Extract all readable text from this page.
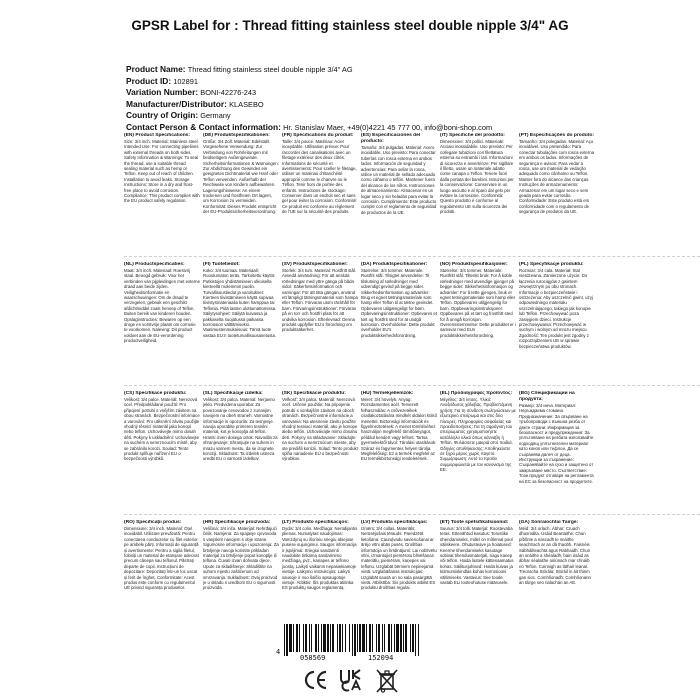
GPSR Label for : Thread fitting stainless steel double nipple 3/4" AG
Product Name: Thread fitting stainless steel double nipple 3/4" AG
Product ID: 102891
Variation Number: BONI-42276-243
Manufacturer/Distributor: KLASEBO
Country of Origin: Germany
Contact Person & Contact information: Hr. Stanislav Maer, +49(0)4221 45 777 00, info@boni-shop.com
(EN) Product Specifications:
Size: 3/4 inch. Material: Stainless steel. Intended Use: For connecting pipelines with external threads on both sides. Safety Information & Warnings: To seal the thread, use a suitable thread sealing material such as hemp or Teflon. Keep out of reach of children. Installation to avoid leaks. Storage Instructions: Store in a dry and frost-free place to avoid corrosion. Compliance: This product complies with the EU product safety regulation.
(DE) Produktspezifikationen:
Größe: 3/4 Zoll. Material: Edelstahl. Vorgesehene Verwendung: Zur Verbindung von Rohrleitungen mit beidseitigem Außengewinde. Sicherheitsinformationen & Warnungen: Zur Abdichtung des Gewindes ein geeignetes Dichtmaterial wie Hanf oder Teflon verwenden. Außerhalb der Reichweite von Kindern aufbewahren. Lagerungshinweise: An einem trockenen und frostfreien Ort lagern, um Korrosion zu vermeiden. Konformität: Dieses Produkt entspricht der EU-Produktsicherheitsverordnung.
(FR) Spécifications du produit:
Taille: 3/4 pouce. Matériau: Acier inoxydable. Utilisation prévue: Pour raccorder des canalisations avec un filetage extérieur des deux côtés. Informations de sécurité et avertissements: Pour sceller le filetage, utiliser un matériau d'étanchéité approprié comme le chanvre ou le Téflon. Tenir hors de portée des enfants. Instructions de stockage: Conserver dans un endroit sec et sans gel pour éviter la corrosion. Conformité: Ce produit est conforme au règlement de l'UE sur la sécurité des produits.
(ES) Especificaciones del producto:
Tamaño: 3/4 pulgadas. Material: Acero inoxidable. Uso previsto: Para conectar tuberías con rosca externa en ambos lados. Información de seguridad y advertencias: Para sellar la rosca, utilice un material de sellado adecuado como cáñamo o teflón. Mantener fuera del alcance de los niños. Instrucciones de almacenamiento: Almacenar en un lugar seco y sin heladas para evitar la corrosión. Cumplimiento: Este producto cumple con el reglamento de seguridad de productos de la UE.
(IT) Specifiche del prodotto:
Dimensione: 3/4 pollici. Materiale: Acciaio inossidabile. Uso previsto: Per collegare tubazioni con filettatura esterna su entrambi i lati. Informazioni di sicurezza e avvertenze: Per sigillare il filetto, usare un materiale adatto come canapa o Teflon. Tenere fuori dalla portata dei bambini. Istruzioni per la conservazione: Conservare in un luogo asciutto e al riparo dal gelo per evitare la corrosione. Conformità: Questo prodotto è conforme al regolamento UE sulla sicurezza dei prodotti.
(PT) Especificações do produto:
Tamanho: 3/4 polegadas. Material: Aço inoxidável. Uso pretendido: Para conectar tubulações com rosca externa em ambos os lados. Informações de segurança e avisos: Para vedar a rosca, use um material de vedação adequado como cânhamo ou Teflon. Manter fora do alcance das crianças. Instruções de armazenamento: Armazenar em um lugar seco e sem geada para evitar corrosão. Conformidade: Este produto está em conformidade com o regulamento de segurança de produtos da UE.
(NL) Productspecificaties:
Maat: 3/4 inch. Materiaal: Roestvrij staal. Beoogd gebruik: Voor het verbinden van pijpleidingen met externe draad aan beide zijden. Veiligheidsinformatie en waarschuwingen: Om de draad te verzegelen, gebruik een geschikt afdichtmiddel zoals hennep of Teflon. Buiten bereik van kinderen houden. Opslaginstructies: Bewaren op een droge en vorstvrije plaats om corrosie te voorkomen. Naleving: Dit product voldoet aan de EU-verordening productveiligheid.
(FI) Tuotetiedot:
Koko: 3/4 tuumaa. Materiaali: Ruostumaton teräs. Tarkoitettu käyttö: Putkistojen yhdistämiseen ulkoisella kierteellä molemmin puolin. Turvallisuustiedot ja varoitukset: Kierteen tiivistämiseen käytä sopivaa tiivistysmateriaalia kuten hamppua tai Teflonia. Pidä lasten ulottumattomissa. Säilytysohjeet: Säilytä kuivassa ja pakkaselta suojatussa paikassa korroosion välttämiseksi. Vaatimustenmukaisuus: Tämä tuote vastaa EU:n tuoteturvallisuusasetusta.
(SV) Produktspecifikationer:
Storlek: 3/4 tum. Material: Rostfritt stål. Avsedd användning: För att ansluta rörledningar med yttre gänga på båda sidor. Säkerhetsinformation och varningar: För att täta gängan, använd ett lämpligt tätningsmaterial som hampa eller Teflon. Förvaras utom räckhåll för barn. Förvaringsinstruktioner: Förvaras på en torr och frostfri plats för att undvika korrosion. Efterlevnad: Denna produkt uppfyller EU:s förordning om produktsäkerhet.
(DA) Produktspecifikationer:
Størrelse: 3/4 tommer. Materiale: Rustfrit stål. Tilsigtet anvendelse: Til tilslutning af rørledninger med udvendigt gevind på begge sider. Sikkerhedsinformation og advarsler: Brug et egnet tætningsmateriale som hamp eller Teflon til at tætne gevindet. Opbevares utilgængeligt for børn. Opbevaringsinstruktioner: Opbevares et tørt og frostfrit sted for at undgå korrosion. Overholdelse: Dette produkt overholder EU's produktsikkerhedsforordning.
(NO) Produktspesifikasjoner:
Størrelse: 3/4 tommer. Materiale: Rustfritt stål. Tiltenkt bruk: For å koble rørledninger med utvendige gjenger på begge sider. Sikkerhetsinformasjon og advarsler: For å tette gjengen, bruk et egnet tetningsmateriale som hamp eller Teflon. Oppbevares utilgjengelig for barn. Oppbevaringsinstruksjoner: Oppbevares på et tørt og frostfritt sted for å unngå korrosjon. Overensstemmelse: Dette produktet er i samsvar med EUs produktsikkerhetsforordning.
(PL) Specyfikacje produktu:
Rozmiar: 3/4 cala. Materiał: Stal nierdzewna. Zamierzone użycie: Do łączenia rurociągów z gwintem zewnętrznym po obu stronach. Informacje o bezpieczeństwie i ostrzeżenia: Aby uszczelnić gwint, użyj odpowiedniego materiału uszczelniającego, takiego jak konopie lub Teflon. Przechowywać poza zasięgiem dzieci. Instrukcje przechowywania: Przechowywać w suchym i wolnym od mrozu miejscu. Zgodność: Ten produkt jest zgodny z rozporządzeniem UE w sprawie bezpieczeństwa produktów.
(CS) Specifikace produktu:
Velikost: 3/4 palce. Materiál: Nerezová ocel. Předpokládané použití: Pro připojení potrubí s vnějším závitem na obou stranách. Bezpečnostní informace a varování: Pro utěsnění závitu použijte vhodný těsnicí materiál jako konopí nebo teflon. Uchovávejte mimo dosah dětí. Pokyny k uskladnění: Uchovávejte na suchém a nemrznoucím místě, aby se zabránilo korozi. Soulad: Tento produkt splňuje nařízení EU o bezpečnosti výrobků.
(SL) Specifikacije izdelka:
Velikost: 3/4 palca. Material: Nerjavno jeklo. Predvidena uporaba: Za povezovanje cevovodov z zunanjim navojem na obeh straneh. Varnostne informacije in opozorila: Za tesnjenje navoja uporabite primeren tesnilni material, kot je konoplja ali teflon. Hraniti izven dosega otrok. Navodila za shranjevanje: Shranjujte na suhem in mrazu varnem mestu, da se izognete koroziji. Skladnost: Ta izdelek ustreza uredbi EU o varnosti izdelkov.
(SK) Špecifikácie produktu:
Veľkosť: 3/4 palca. Materiál: Nerezová oceľ. Určené použitie: Na pripojenie potrubí s vonkajším závitom na oboch stranách. Bezpečnostné informácie a varovania: Na utesnenie závitu použite vhodný tesniaci materiál, ako je konope alebo teflón. Uchovávajte mimo dosahu detí. Pokyny na skladovanie: Skladujte na suchom a nemrznúcom mieste, aby ste predišli korózii. Súlad: Tento produkt spĺňa nariadenie EÚ o bezpečnosti výrobkov.
(HU) Termékjellemzők:
Méret: 3/4 hüvelyk. Anyag: Rozsdamentes acél. Tervezett felhasználás: A csővezetékek csatlakoztatására mindkét oldalon külső menettel. Biztonsági információk és figyelmeztetések: A menet tömítéséhez használjon megfelelő tömítőanyagot, például kendert vagy teflont. Tartsa gyermekektől távol. Tárolási utasítások: Száraz és fagymentes helyen tárolja. Megfelelőség: Ez a termék megfelel az EU termékbiztonsági rendeletének.
(EL) Προδιαγραφές προϊόντος:
Μέγεθος: 3/4 ίντσες. Υλικό: Ανοξείδωτος χάλυβας. Προβλεπόμενη χρήση: Για τη σύνδεση σωληνώσεων με εξωτερικό σπείρωμα και στις δύο πλευρές. Πληροφορίες ασφαλείας και προειδοποιήσεις: Για τη σφράγιση του σπειρώματος χρησιμοποιήστε κατάλληλο υλικό όπως κάνναβη ή Teflon. Φυλάσσετε μακριά από παιδιά. Οδηγίες αποθήκευσης: Αποθηκεύστε σε ξηρό μέρος χωρίς παγετό. Συμμόρφωση: Αυτό το προϊόν συμμορφώνεται με τον κανονισμό της ΕΕ.
(BG) Спецификации на продукта:
Размер: 3/4 инча. Материал: Неръждаема стомана. Предназначение: За свързване на тръбопроводи с външна резба от двете страни. Информация за безопасност и предупреждения: За уплътняване на резбата използвайте подходящ уплътнителен материал като коноп или тефлон. Да се съхранява далеч от деца. Инструкции за съхранение: Съхранявайте на сухо и защитено от замръзване място. Съответствие: Този продукт отговаря на регламента на ЕС за безопасност на продуктите.
(RO) Specificații produs:
Dimensiune: 3/4 inch. Material: Oțel inoxidabil. Utilizare prevăzută: Pentru conectarea conductelor cu filet exterior pe ambele părți. Informații de siguranță și avertismente: Pentru a sigila filetul, folosiți un material de etanșare adecvat precum cânepa sau teflonul. Păstrați departe de copii. Instrucțiuni de depozitare: Depozitați într-un loc uscat și ferit de îngheț. Conformitate: Acest produs este conform cu regulamentul UE privind siguranța produselor.
(HR) Specifikacije proizvoda:
Veličina: 3/4 inča. Materijal: Nehrđajući čelik. Namjena: Za spajanje cjevovoda s vanjskim navojem s obje strane. Sigurnosne informacije i upozorenja: Za brtvljenje navoja koristite prikladan materijal za brtvljenje poput konoplje ili teflona. Čuvati izvan dohvata djece. Upute za skladištenje: Skladištite na suhom mjestu zaštićenom od smrzavanja. Sukladnost: Ovaj proizvod je u skladu s uredbom EU o sigurnosti proizvoda.
(LT) Produkto specifikacijos:
Dydis: 3/4 colio. Medžiaga: Nerūdijantis plienas. Numatytas naudojimas: Vamzdynų su išoriniu sriegiu abiejose pusėse sujungimui. Saugos informacija ir įspėjimai: Sriegiui sandarinti naudokite tinkamą sandarinimo medžiagą, pvz., kanapes ar teflono juostą. Laikyti vaikams nepasiekiamoje vietoje. Laikymo instrukcijos: Laikyti sausoje ir nuo šalčio apsaugotoje vietoje. Atitiktis: Šis produktas atitinka ES produktų saugos reglamentą.
(LV) Produkta specifikācijas:
Izmērs: 3/4 collas. Materiāls: Nerūsējošais tērauds. Paredzētā lietošana: Cauruļvadu savienošanai ar ārējo vītni abās pusēs. Drošības informācija un brīdinājumi: Lai noblīvētu vītni, izmantojiet piemērotu blīvēšanas materiālu, piemēram, kaņepes vai teflonu. Uzglabāt bērniem nepieejamā vietā. Uzglabāšanas instrukcijas: Uzglabāt sausā un no sala pasargātā vietā. Atbilstība: Šis produkts atbilst ES produktu drošības regulai.
(ET) Toote spetsifikatsioonid:
Suurus: 3/4 tolli. Materjal: Roostevaba teras. Ettenähtud kasutus: Torustike ühendamiseks, millel on mõlemal pool väliskeere. Ohutusteave ja hoiatused: Keerme tihendamiseks kasutage sobivat tihendusmaterjali, nagu kanep või teflon. Hoida lastele kättesaamatus kohas. Säilitusjuhised: Hoida kuivas ja külmumiskindlas kohas korrosiooni vältimiseks. Vastavus: See toode vastab ELi tooteohutuse määrusele.
(GA) Sonraíochtaí Táirge:
Méid: 3/4 orlach. Ábhar: Cruach dhosmálta. Úsáid Beartaithe: Chun píblínte a nascadh le snáithe seachtrach ar an dá thaobh. Faisnéis Sábháilteachta agus Rabhaidh: Chun an snáithe a shéaladh, bain úsáid as ábhar séalaithe oiriúnach mar chnáib nó Teflon. Coinnigh as láthair leanaí. Treoracha Stórála: Stóráil in áit thirim gan sioc. Comhlíonadh: Comhlíonann an táirge seo rialachán an AE.
4
058569	152094
